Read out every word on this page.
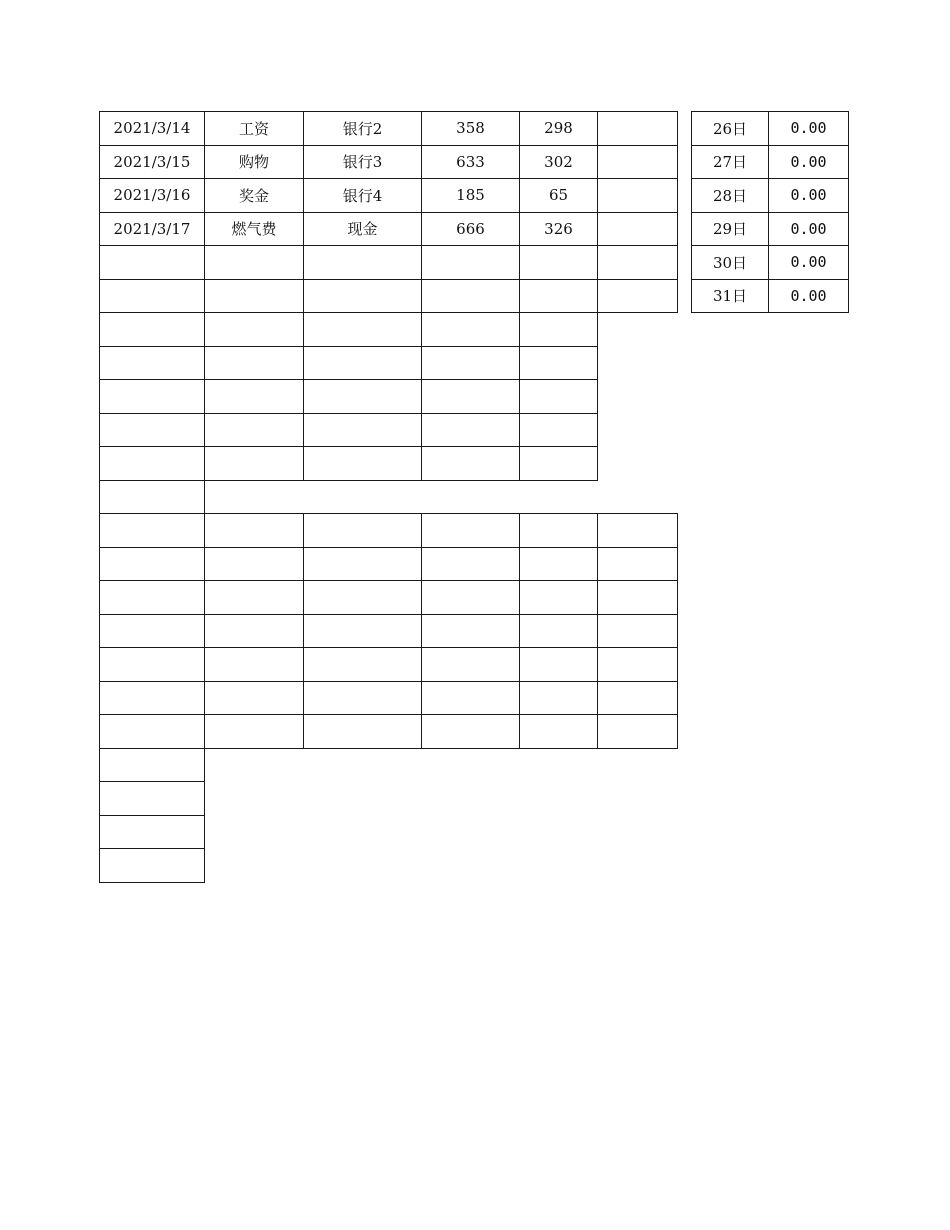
2021/3/14	工资	银行2	358	298	
2021/3/15	购物	银行3	633	302	
2021/3/16	奖金	银行4	185	65	
2021/3/17	燃气费	现金	666	326	

26日	0.00
27日	0.00
28日	0.00
29日	0.00
30日	0.00
31日	0.00
